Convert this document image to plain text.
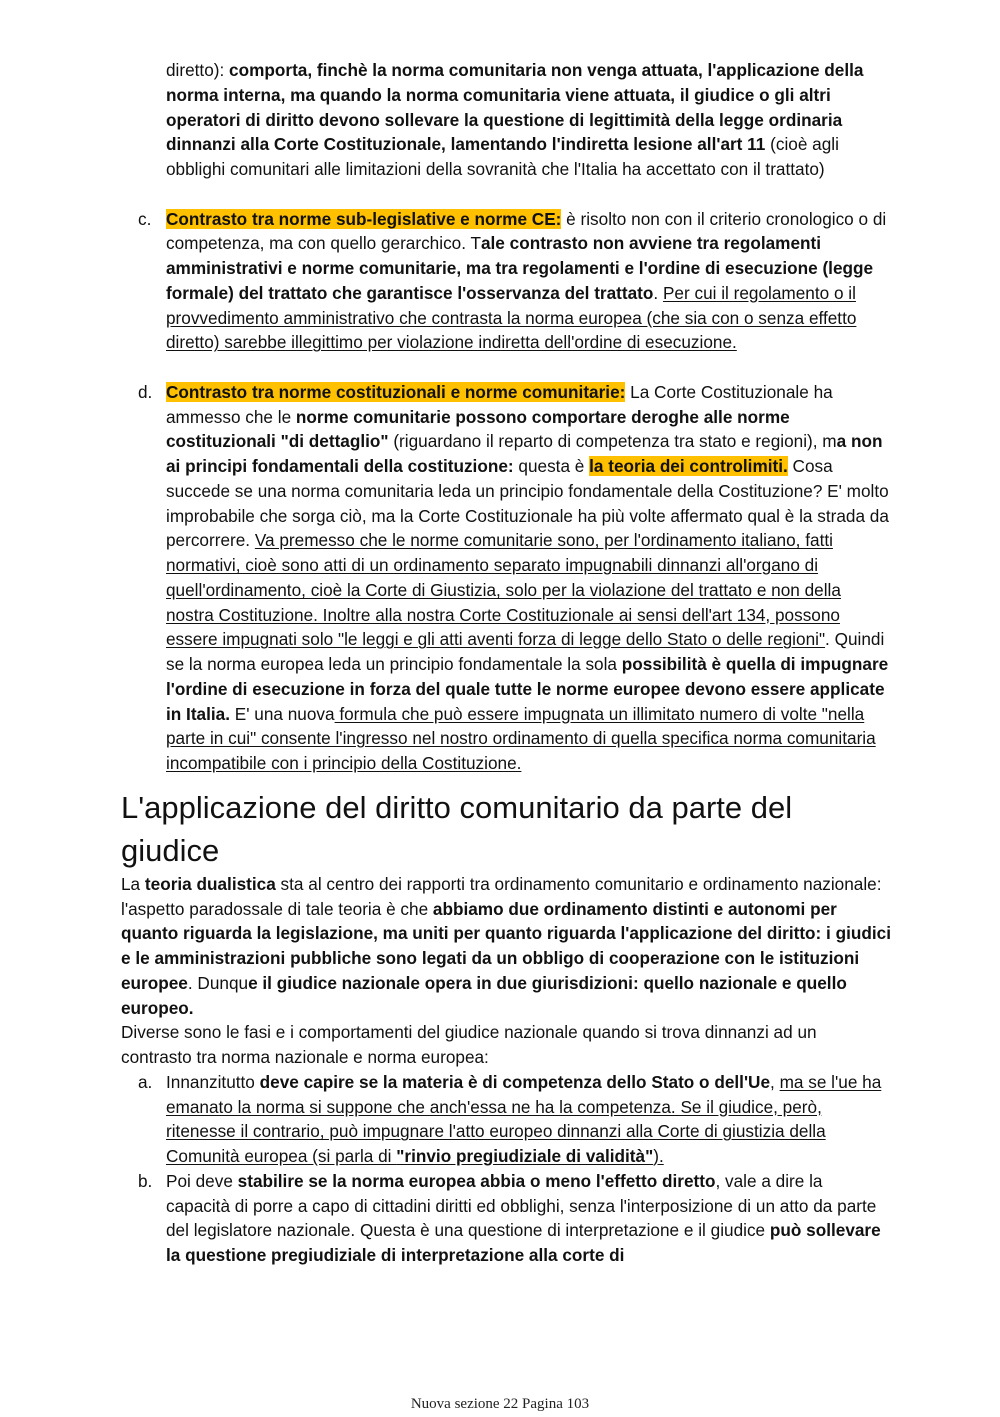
diretto): comporta, finchè la norma comunitaria non venga attuata, l'applicazione della norma interna, ma quando la norma comunitaria viene attuata, il giudice o gli altri operatori di diritto devono sollevare la questione di legittimità della legge ordinaria dinnanzi alla Corte Costituzionale, lamentando l'indiretta lesione all'art 11 (cioè agli obblighi comunitari alle limitazioni della sovranità che l'Italia ha accettato con il trattato)

c. Contrasto tra norme sub-legislative e norme CE: è risolto non con il criterio cronologico o di competenza, ma con quello gerarchico. Tale contrasto non avviene tra regolamenti amministrativi e norme comunitarie, ma tra regolamenti e l'ordine di esecuzione (legge formale) del trattato che garantisce l'osservanza del trattato. Per cui il regolamento o il provvedimento amministrativo che contrasta la norma europea (che sia con o senza effetto diretto) sarebbe illegittimo per violazione indiretta dell'ordine di esecuzione.

d. Contrasto tra norme costituzionali e norme comunitarie: La Corte Costituzionale ha ammesso che le norme comunitarie possono comportare deroghe alle norme costituzionali "di dettaglio" (riguardano il reparto di competenza tra stato e regioni), ma non ai principi fondamentali della costituzione: questa è la teoria dei controlimiti. Cosa succede se una norma comunitaria leda un principio fondamentale della Costituzione? E' molto improbabile che sorga ciò, ma la Corte Costituzionale ha più volte affermato qual è la strada da percorrere. Va premesso che le norme comunitarie sono, per l'ordinamento italiano, fatti normativi, cioè sono atti di un ordinamento separato impugnabili dinnanzi all'organo di quell'ordinamento, cioè la Corte di Giustizia, solo per la violazione del trattato e non della nostra Costituzione. Inoltre alla nostra Corte Costituzionale ai sensi dell'art 134, possono essere impugnati solo "le leggi e gli atti aventi forza di legge dello Stato o delle regioni". Quindi se la norma europea leda un principio fondamentale la sola possibilità è quella di impugnare l'ordine di esecuzione in forza del quale tutte le norme europee devono essere applicate in Italia. E' una nuova formula che può essere impugnata un illimitato numero di volte "nella parte in cui" consente l'ingresso nel nostro ordinamento di quella specifica norma comunitaria incompatibile con i principio della Costituzione.

L'applicazione del diritto comunitario da parte del giudice

La teoria dualistica sta al centro dei rapporti tra ordinamento comunitario e ordinamento nazionale: l'aspetto paradossale di tale teoria è che abbiamo due ordinamento distinti e autonomi per quanto riguarda la legislazione, ma uniti per quanto riguarda l'applicazione del diritto: i giudici e le amministrazioni pubbliche sono legati da un obbligo di cooperazione con le istituzioni europee. Dunque il giudice nazionale opera in due giurisdizioni: quello nazionale e quello europeo.

Diverse sono le fasi e i comportamenti del giudice nazionale quando si trova dinnanzi ad un contrasto tra norma nazionale e norma europea:

a. Innanzitutto deve capire se la materia è di competenza dello Stato o dell'Ue, ma se l'ue ha emanato la norma si suppone che anch'essa ne ha la competenza. Se il giudice, però, ritenesse il contrario, può impugnare l'atto europeo dinnanzi alla Corte di giustizia della Comunità europea (si parla di "rinvio pregiudiziale di validità").

b. Poi deve stabilire se la norma europea abbia o meno l'effetto diretto, vale a dire la capacità di porre a capo di cittadini diritti ed obblighi, senza l'interposizione di un atto da parte del legislatore nazionale. Questa è una questione di interpretazione e il giudice può sollevare la questione pregiudiziale di interpretazione alla corte di

Nuova sezione 22 Pagina 103
